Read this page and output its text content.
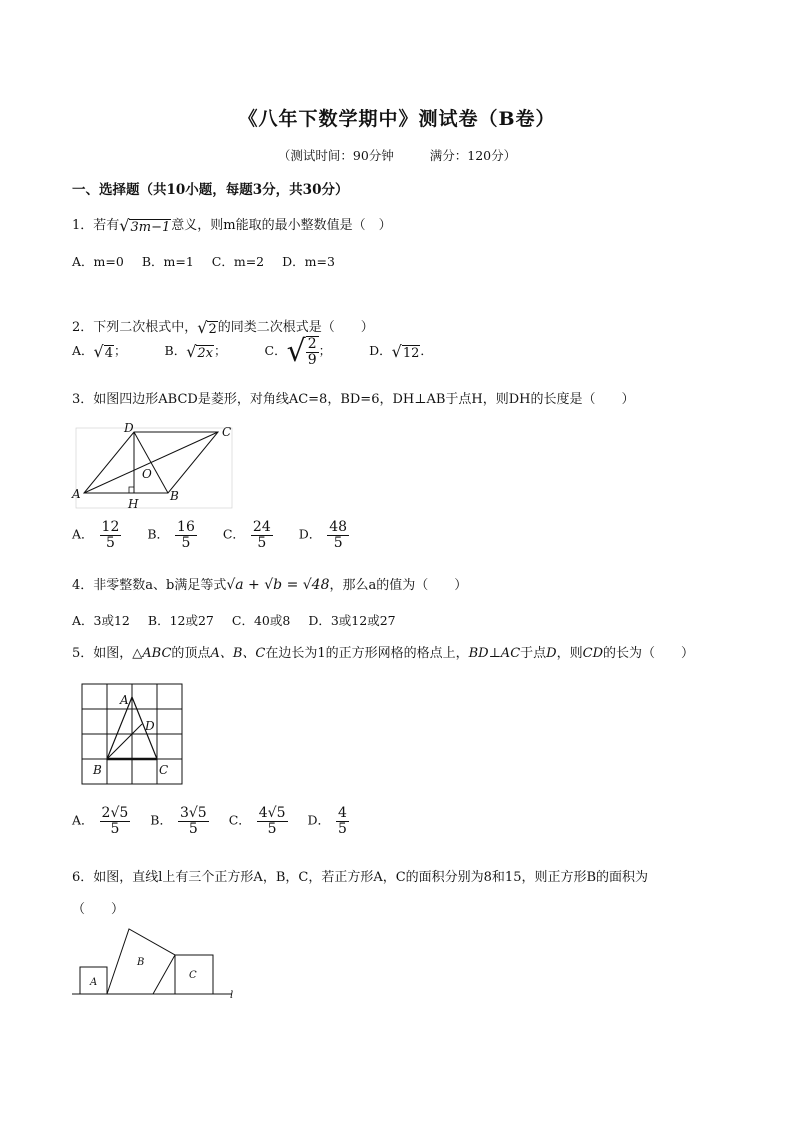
《八年下数学期中》测试卷（B卷）
（测试时间：90分钟	满分：120分）
一、选择题（共10小题，每题3分，共30分）
1．若有√3m−1意义，则m能取的最小整数值是（　）
A．m=0 B．m=1 C．m=2 D．m=3
2．下列二次根式中，√2的同类二次根式是（　　）
A．√4；	B．√2x；	C．√ $\frac{2}{9}$ ；	D．√12．
3．如图四边形ABCD是菱形，对角线AC=8，BD=6，DH⊥AB于点H，则DH的长度是（　　）
A	B
C
D
O
H
A． $\frac{12}{5}$ B． $\frac{16}{5}$ C． $\frac{24}{5}$ D． $\frac{48}{5}$
4．非零整数a、b满足等式√a + √b = √48，那么a的值为（　　）
A．3或12 B．12或27 C．40或8 D．3或12或27
5．如图，△ABC的顶点A、B、C在边长为1的正方形网格的格点上，BD⊥AC于点D，则CD的长为（　　）
A
D
B	C
A． $\frac{2√5}{5}$ B． $\frac{3√5}{5}$ C． $\frac{4√5}{5}$ D． $\frac{4}{5}$
6．如图，直线l上有三个正方形A，B，C，若正方形A，C的面积分别为8和15，则正方形B的面积为
（　　）
A
B
C
l
